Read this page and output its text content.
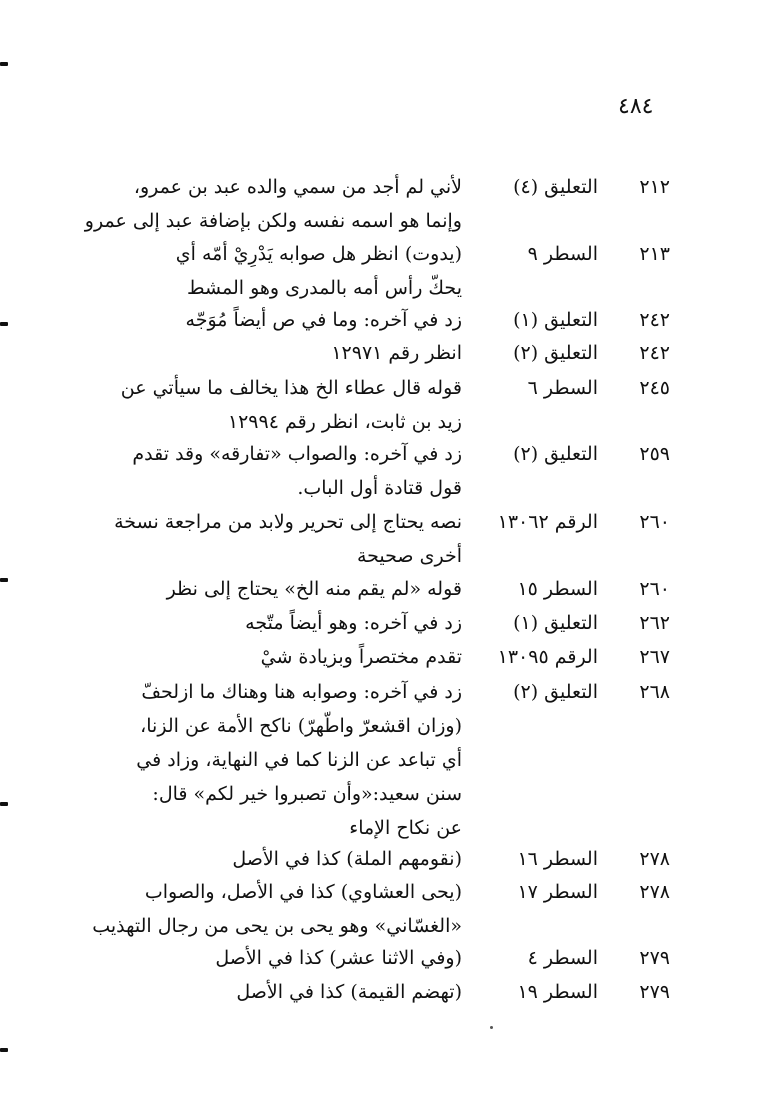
٤٨٤
٢١٢
التعليق (٤)
لأني لم أجد من سمي والده عبد بن عمرو،
وإنما هو اسمه نفسه ولكن بإضافة عبد إلى عمرو
٢١٣
السطر ٩
(يدوت) انظر هل صوابه يَدْرِيْ أمّه أي
يحكّ رأس أمه بالمدرى وهو المشط
٢٤٢
التعليق (١)
زد في آخره: وما في ص أيضاً مُوَجّه
٢٤٢
التعليق (٢)
انظر رقم ١٢٩٧١
٢٤٥
السطر ٦
قوله قال عطاء الخ هذا يخالف ما سيأتي عن
زيد بن ثابت، انظر رقم ١٢٩٩٤
٢٥٩
التعليق (٢)
زد في آخره: والصواب «تفارقه» وقد تقدم
قول قتادة أول الباب.
٢٦٠
الرقم ١٣٠٦٢
نصه يحتاج إلى تحرير ولابد من مراجعة نسخة
أخرى صحيحة
٢٦٠
السطر ١٥
قوله «لم يقم منه الخ» يحتاج إلى نظر
٢٦٢
التعليق (١)
زد في آخره: وهو أيضاً متّجه
٢٦٧
الرقم ١٣٠٩٥
تقدم مختصراً وبزيادة شيْ
٢٦٨
التعليق (٢)
زد في آخره: وصوابه هنا وهناك ما ازلحفّ
(وزان اقشعرّ واطّهرّ) ناكح الأمة عن الزنا،
أي تباعد عن الزنا كما في النهاية، وزاد في
سنن سعيد:«وأن تصبروا خير لكم» قال:
عن نكاح الإماء
٢٧٨
السطر ١٦
(نقومهم الملة) كذا في الأصل
٢٧٨
السطر ١٧
(يحى العشاوي) كذا في الأصل، والصواب
«الغسّاني» وهو يحى بن يحى من رجال التهذيب
٢٧٩
السطر ٤
(وفي الاثنا عشر) كذا في الأصل
٢٧٩
السطر ١٩
(تهضم القيمة) كذا في الأصل
